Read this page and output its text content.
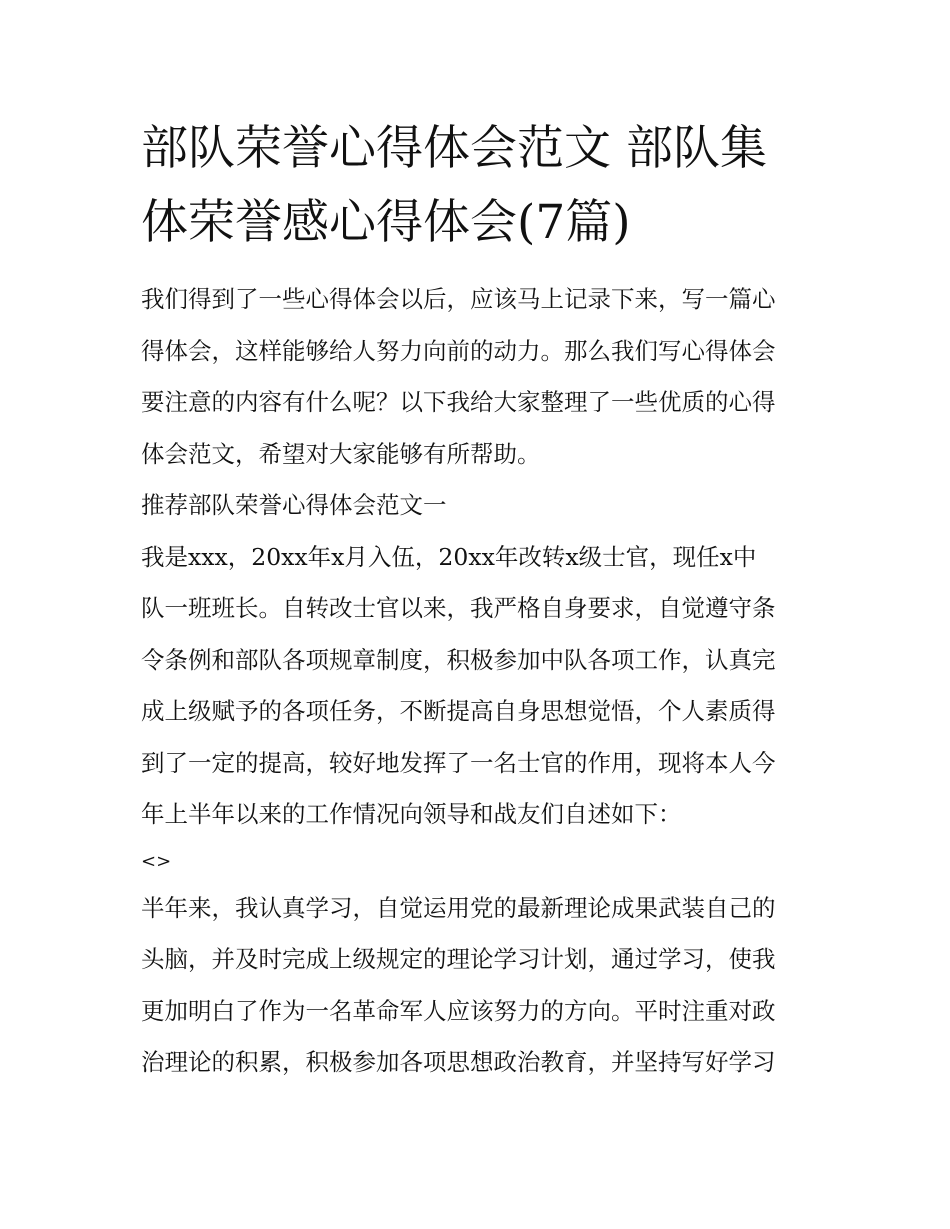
部队荣誉心得体会范文 部队集
体荣誉感心得体会(7篇)

我们得到了一些心得体会以后，应该马上记录下来，写一篇心
得体会，这样能够给人努力向前的动力。那么我们写心得体会
要注意的内容有什么呢？以下我给大家整理了一些优质的心得
体会范文，希望对大家能够有所帮助。

推荐部队荣誉心得体会范文一

我是xxx，20xx年x月入伍，20xx年改转x级士官，现任x中
队一班班长。自转改士官以来，我严格自身要求，自觉遵守条
令条例和部队各项规章制度，积极参加中队各项工作，认真完
成上级赋予的各项任务，不断提高自身思想觉悟，个人素质得
到了一定的提高，较好地发挥了一名士官的作用，现将本人今
年上半年以来的工作情况向领导和战友们自述如下：

<>

半年来，我认真学习，自觉运用党的最新理论成果武装自己的
头脑，并及时完成上级规定的理论学习计划，通过学习，使我
更加明白了作为一名革命军人应该努力的方向。平时注重对政
治理论的积累，积极参加各项思想政治教育，并坚持写好学习
